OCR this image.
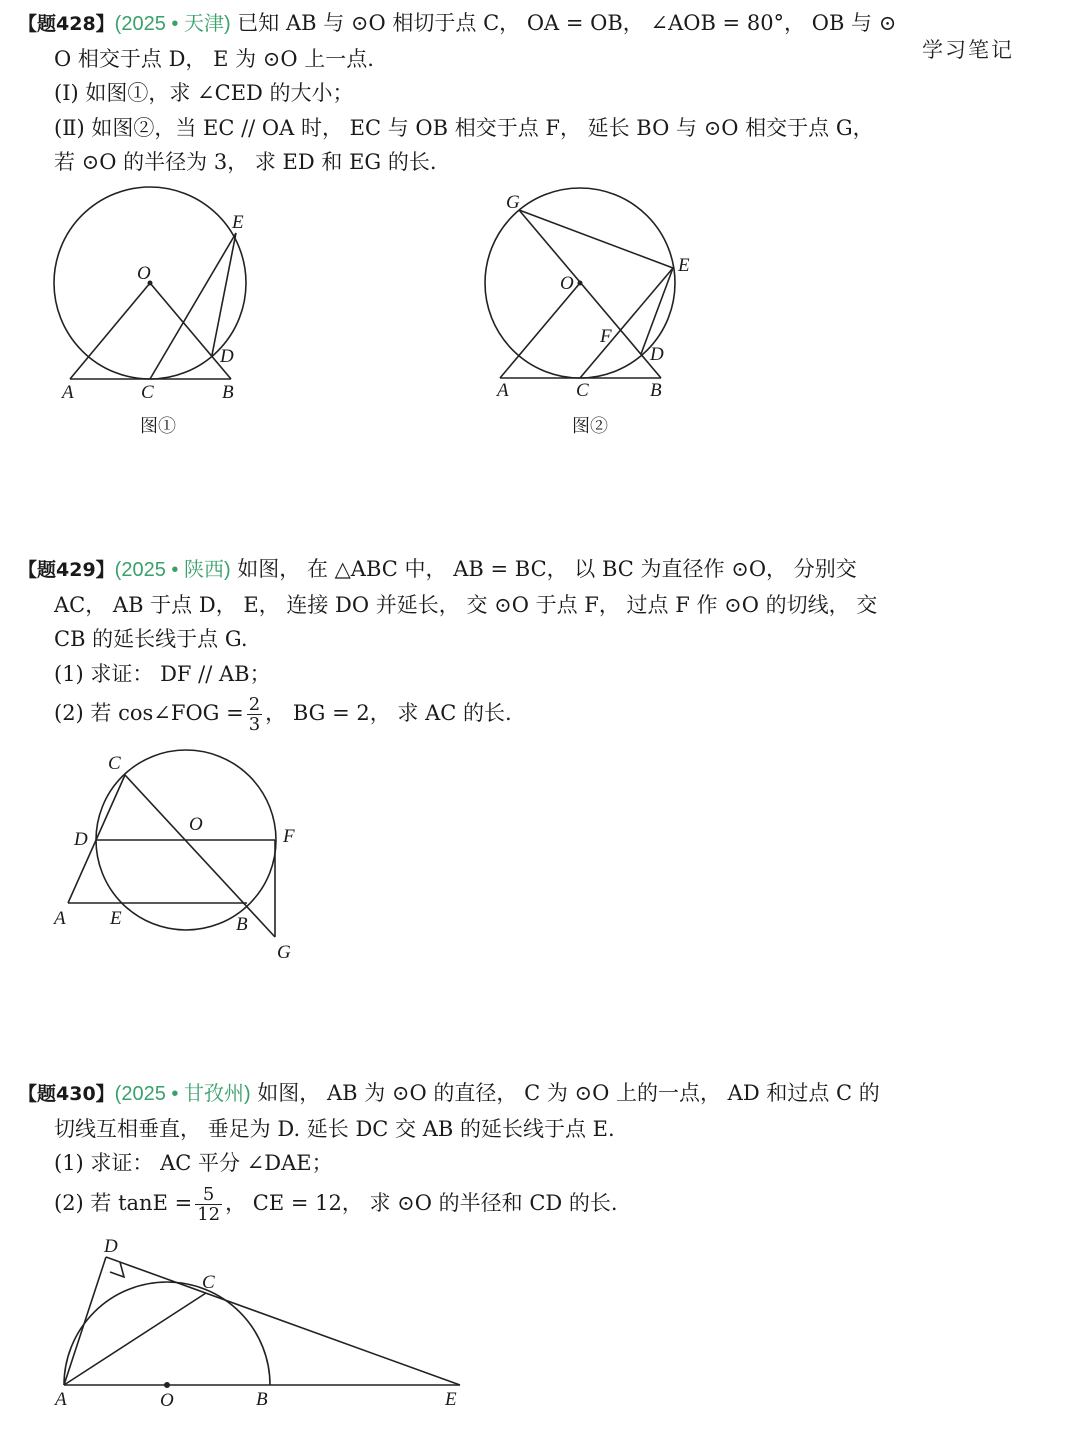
学习笔记
【题428】(2025 • 天津) 已知 AB 与 ⊙O 相切于点 C， OA = OB， ∠AOB = 80°， OB 与 ⊙
O 相交于点 D， E 为 ⊙O 上一点.
(Ⅰ) 如图①，求 ∠CED 的大小；
(Ⅱ) 如图②，当 EC // OA 时， EC 与 OB 相交于点 F， 延长 BO 与 ⊙O 相交于点 G，
若 ⊙O 的半径为 3， 求 ED 和 EG 的长.
O
E
D
A	C	B
图①
G
E
O
F
D
A	C	B
图②
【题429】(2025 • 陕西) 如图， 在 △ABC 中， AB = BC， 以 BC 为直径作 ⊙O， 分别交
AC， AB 于点 D， E， 连接 DO 并延长， 交 ⊙O 于点 F， 过点 F 作 ⊙O 的切线， 交
CB 的延长线于点 G.
(1) 求证： DF // AB；
(2) 若 cos∠FOG = $\frac{2}{3}$ ， BG = 2， 求 AC 的长.
C
O
D	F
A E	B
G
【题430】(2025 • 甘孜州) 如图， AB 为 ⊙O 的直径， C 为 ⊙O 上的一点， AD 和过点 C 的
切线互相垂直， 垂足为 D. 延长 DC 交 AB 的延长线于点 E.
(1) 求证： AC 平分 ∠DAE；
(2) 若 $\tan E = \frac{5}{12}$ ， CE = 12， 求 ⊙O 的半径和 CD 的长.
D
C
A	O	B	E
